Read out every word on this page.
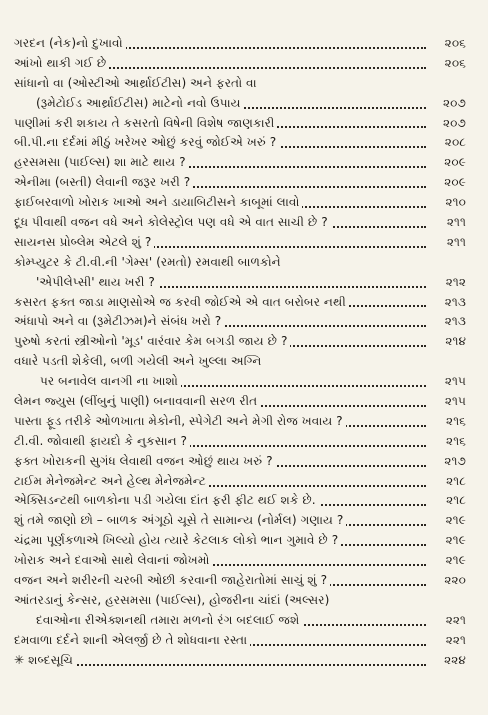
ગરદન (નેક)નો દુખાવો	૨૦૬
આંખો થાકી ગઈ છે	૨૦૬
સાંધાનો વા (ઓસ્ટીઓ આર્થ્રાઈટીસ) અને ફરતો વા
(રૂમેટોઈડ આર્થ્રાઈટીસ) માટેનો નવો ઉપાય	૨૦૭
પાણીમાં કરી શકાય તે કસરતો વિષેની વિશેષ જાણકારી	૨૦૭
બી.પી.ના દર્દમાં મીઠું ખરેખર ઓછું કરવું જોઈએ ખરું ?	૨૦૮
હરસમસા (પાઈલ્સ) શા માટે થાય ?	૨૦૯
એનીમા (બસ્તી) લેવાની જરૂર ખરી ?	૨૦૯
ફાઈબરવાળો ખોરાક ખાઓ અને ડાયાબિટીસને કાબૂમાં લાવો	૨૧૦
દૂધ પીવાથી વજન વધે અને કોલેસ્ટ્રોલ પણ વધે એ વાત સાચી છે ?	૨૧૧
સાયનસ પ્રોબ્લેમ એટલે શું ?	૨૧૧
કોમ્પ્યુટર કે ટી.વી.ની 'ગેમ્સ' (રમતો) રમવાથી બાળકોને
'એપીલેપ્સી' થાય ખરી ?	૨૧૨
કસરત ફક્ત જાડા માણસોએ જ કરવી જોઈએ એ વાત બરોબર નથી	૨૧૩
અંધાપો અને વા (રૂમેટીઝમ)ને સંબંધ ખરો ?	૨૧૩
પુરુષો કરતાં સ્ત્રીઓનો 'મૂડ' વારંવાર કેમ બગડી જાય છે ?	૨૧૪
વધારે પડતી શેકેલી, બળી ગયેલી અને ખુલ્લા અગ્નિ
પર બનાવેલ વાનગી ના ખાશો	૨૧૫
લેમન જ્યુસ (લીંબુનું પાણી) બનાવવાની સરળ રીત	૨૧૫
પાસ્તા ફૂડ તરીકે ઓળખાતા મેકોની, સ્પેગેટી અને મેગી રોજ ખવાય ?	૨૧૬
ટી.વી. જોવાથી ફાયદો કે નુકસાન ?	૨૧૬
ફક્ત ખોરાકની સુગંધ લેવાથી વજન ઓછું થાય ખરું ?	૨૧૭
ટાઈમ મેનેજમેન્ટ અને હેલ્થ મેનેજમેન્ટ	૨૧૮
એક્સિડન્ટથી બાળકોના પડી ગયેલા દાંત ફરી ફીટ થઈ શકે છે.	૨૧૮
શું તમે જાણો છો – બાળક અંગૂઠો ચૂસે તે સામાન્ય (નોર્મલ) ગણાય ?	૨૧૯
ચંદ્રમા પૂર્ણકળાએ ખિલ્યો હોય ત્યારે કેટલાક લોકો ભાન ગુમાવે છે ?	૨૧૯
ખોરાક અને દવાઓ સાથે લેવાનાં જોખમો	૨૧૯
વજન અને શરીરની ચરબી ઓછી કરવાની જાહેરાતોમાં સાચું શું ?	૨૨૦
આંતરડાનું કેન્સર, હરસમસા (પાઈલ્સ), હોજરીના ચાંદાં (અલ્સર)
દવાઓના રીએક્શનથી તમારા મળનો રંગ બદલાઈ જશે	૨૨૧
દમવાળા દર્દને શાની એલર્જી છે તે શોધવાના રસ્તા	૨૨૧
✳ શબ્દસૂચિ	૨૨૪
